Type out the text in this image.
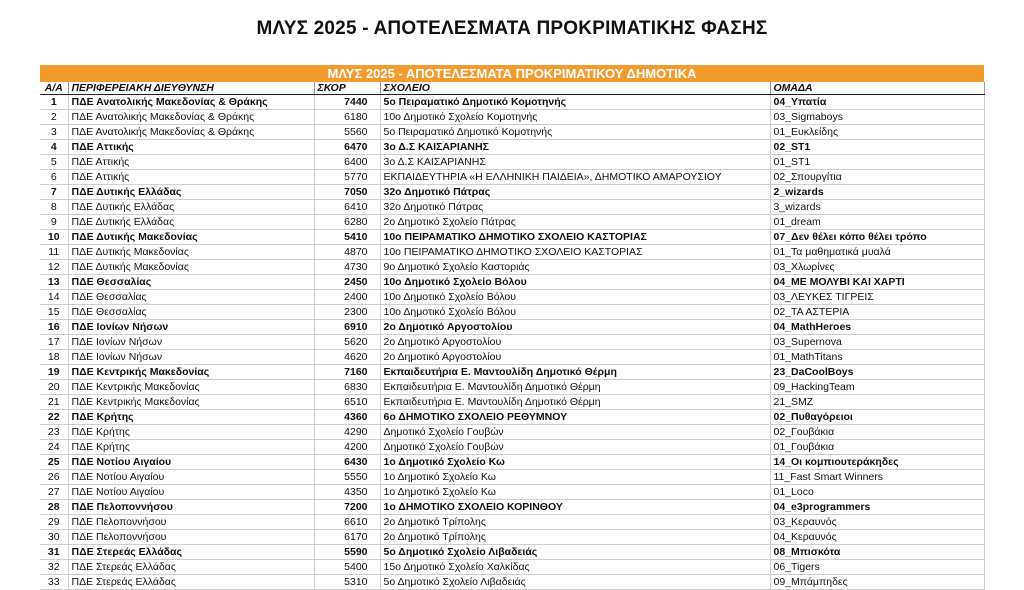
ΜΛΥΣ 2025 - ΑΠΟΤΕΛΕΣΜΑΤΑ ΠΡΟΚΡΙΜΑΤΙΚΗΣ ΦΑΣΗΣ
ΜΛΥΣ 2025 - ΑΠΟΤΕΛΕΣΜΑΤΑ ΠΡΟΚΡΙΜΑΤΙΚΟΥ ΔΗΜΟΤΙΚΑ
Α/Α	ΠΕΡΙΦΕΡΕΙΑΚΗ ΔΙΕΥΘΥΝΣΗ	ΣΚΟΡ	ΣΧΟΛΕΙΟ	ΟΜΑΔΑ
1	ΠΔΕ Ανατολικής Μακεδονίας & Θράκης	7440	5ο Πειραματικό Δημοτικό Κομοτηνής	04_Υπατία
2	ΠΔΕ Ανατολικής Μακεδονίας & Θράκης	6180	10ο Δημοτικό Σχολείο Κομοτηνής	03_Sigmaboys
3	ΠΔΕ Ανατολικής Μακεδονίας & Θράκης	5560	5ο Πειραματικό Δημοτικό Κομοτηνής	01_Ευκλείδης
4	ΠΔΕ Αττικής	6470	3ο Δ.Σ ΚΑΙΣΑΡΙΑΝΗΣ	02_ST1
5	ΠΔΕ Αττικής	6400	3ο Δ.Σ ΚΑΙΣΑΡΙΑΝΗΣ	01_ST1
6	ΠΔΕ Αττικής	5770	ΕΚΠΑΙΔΕΥΤΗΡΙΑ «Η ΕΛΛΗΝΙΚΗ ΠΑΙΔΕΙΑ», ΔΗΜΟΤΙΚΟ ΑΜΑΡΟΥΣΙΟΥ	02_Σπουργίτια
7	ΠΔΕ Δυτικής Ελλάδας	7050	32ο Δημοτικό Πάτρας	2_wizards
8	ΠΔΕ Δυτικής Ελλάδας	6410	32ο Δημοτικό Πάτρας	3_wizards
9	ΠΔΕ Δυτικής Ελλάδας	6280	2ο Δημοτικό Σχολείο Πάτρας	01_dream
10	ΠΔΕ Δυτικής Μακεδονίας	5410	10ο ΠΕΙΡΑΜΑΤΙΚΟ ΔΗΜΟΤΙΚΟ ΣΧΟΛΕΙΟ ΚΑΣΤΟΡΙΑΣ	07_Δεν θέλει κόπο θέλει τρόπο
11	ΠΔΕ Δυτικής Μακεδονίας	4870	10ο ΠΕΙΡΑΜΑΤΙΚΟ ΔΗΜΟΤΙΚΟ ΣΧΟΛΕΙΟ ΚΑΣΤΟΡΙΑΣ	01_Τα μαθηματικά μυαλά
12	ΠΔΕ Δυτικής Μακεδονίας	4730	9ο Δημοτικό Σχολείο Καστοριάς	03_Χλωρίνες
13	ΠΔΕ Θεσσαλίας	2450	10ο Δημοτικό Σχολείο Βόλου	04_ΜΕ ΜΟΛΥΒΙ ΚΑΙ ΧΑΡΤΙ
14	ΠΔΕ Θεσσαλίας	2400	10ο Δημοτικό Σχολείο Βόλου	03_ΛΕΥΚΕΣ ΤΙΓΡΕΙΣ
15	ΠΔΕ Θεσσαλίας	2300	10ο Δημοτικό Σχολείο Βόλου	02_ΤΑ ΑΣΤΕΡΙΑ
16	ΠΔΕ Ιονίων Νήσων	6910	2ο Δημοτικό Αργοστολίου	04_MathHeroes
17	ΠΔΕ Ιονίων Νήσων	5620	2ο Δημοτικό Αργοστολίου	03_Supernova
18	ΠΔΕ Ιονίων Νήσων	4620	2ο Δημοτικό Αργοστολίου	01_MathTitans
19	ΠΔΕ Κεντρικής Μακεδονίας	7160	Εκπαιδευτήρια Ε. Μαντουλίδη Δημοτικό Θέρμη	23_DaCoolBoys
20	ΠΔΕ Κεντρικής Μακεδονίας	6830	Εκπαιδευτήρια Ε. Μαντουλίδη Δημοτικό Θέρμη	09_HackingTeam
21	ΠΔΕ Κεντρικής Μακεδονίας	6510	Εκπαιδευτήρια Ε. Μαντουλίδη Δημοτικό Θέρμη	21_SMZ
22	ΠΔΕ Κρήτης	4360	6ο ΔΗΜΟΤΙΚΟ ΣΧΟΛΕΙΟ ΡΕΘΥΜΝΟΥ	02_Πυθαγόρειοι
23	ΠΔΕ Κρήτης	4290	Δημοτικό Σχολείο Γουβών	02_Γουβάκια
24	ΠΔΕ Κρήτης	4200	Δημοτικό Σχολείο Γουβών	01_Γουβάκια
25	ΠΔΕ Νοτίου Αιγαίου	6430	1ο Δημοτικό Σχολείο Κω	14_Οι κομπιουτεράκηδες
26	ΠΔΕ Νοτίου Αιγαίου	5550	1ο Δημοτικό Σχολείο Κω	11_Fast Smart Winners
27	ΠΔΕ Νοτίου Αιγαίου	4350	1ο Δημοτικό Σχολείο Κω	01_Loco
28	ΠΔΕ Πελοποννήσου	7200	1ο ΔΗΜΟΤΙΚΟ ΣΧΟΛΕΙΟ ΚΟΡΙΝΘΟΥ	04_e3programmers
29	ΠΔΕ Πελοποννήσου	6610	2ο Δημοτικό Τρίπολης	03_Κεραυνός
30	ΠΔΕ Πελοποννήσου	6170	2ο Δημοτικό Τρίπολης	04_Κεραυνός
31	ΠΔΕ Στερεάς Ελλάδας	5590	5ο Δημοτικό Σχολείο Λιβαδειάς	08_Μπισκότα
32	ΠΔΕ Στερεάς Ελλάδας	5400	15ο Δημοτικό Σχολείο Χαλκίδας	06_Tigers
33	ΠΔΕ Στερεάς Ελλάδας	5310	5ο Δημοτικό Σχολείο Λιβαδειάς	09_Μπάμπηδες
